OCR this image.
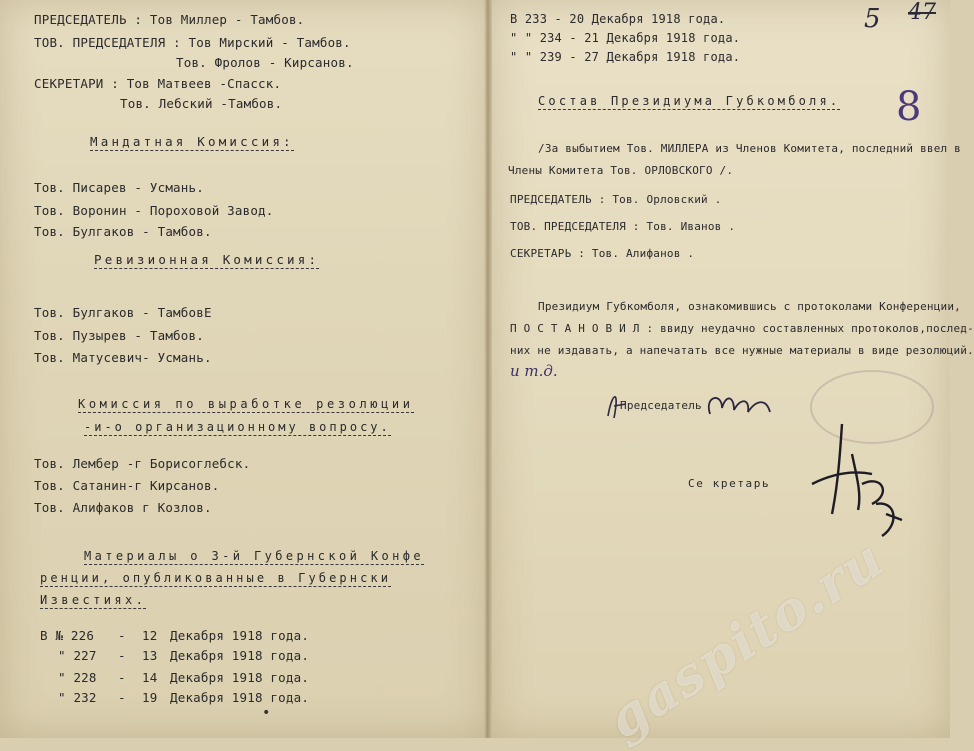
ПРЕДСЕДАТЕЛЬ : Тов Миллер - Тамбов.
ТОВ. ПРЕДСЕДАТЕЛЯ : Тов Мирский - Тамбов.
Тов. Фролов - Кирсанов.
СЕКРЕТАРИ : Тов Матвеев -Спасск.
Тов. Лебский -Тамбов.
Мандатная Комиссия:
Тов. Писарев - Усмань.
Тов. Воронин - Пороховой Завод.
Тов. Булгаков - Тамбов.
Ревизионная Комиссия:
Тов. Булгаков - ТамбовЕ
Тов. Пузырев - Тамбов.
Тов. Матусевич- Усмань.
Комиссия по выработке резолюции
-и-о организационному вопросу.
Тов. Лембер -г Борисоглебск.
Тов. Сатанин-г Кирсанов.
Тов. Алифаков г Козлов.
Материалы о 3-й Губернской Конфе
ренции, опубликованные в Губернски
Известиях.
В № 226 - 12 Декабря 1918 года.
" 227 - 13 Декабря 1918 года.
" 228 - 14 Декабря 1918 года.
" 232 - 19 Декабря 1918 года.
В 233 - 20 Декабря 1918 года.
" " 234 - 21 Декабря 1918 года.
" " 239 - 27 Декабря 1918 года.
5 47
Состав Президиума Губкомболя. 8
/За выбытием Тов. МИЛЛЕРА из Членов Комитета, последний ввел в
Члены Комитета Тов. ОРЛОВСКОГО /.
ПРЕДСЕДАТЕЛЬ : Тов. Орловский .
ТОВ. ПРЕДСЕДАТЕЛЯ : Тов. Иванов .
СЕКРЕТАРЬ : Тов. Алифанов .
Президиум Губкомболя, ознакомившись с протоколами Конференции,
П О С Т А Н О В И Л : ввиду неудачно составленных протоколов,послед-
них не издавать, а напечатать все нужные материалы в виде резолюций.
и т.д.
Председатель
Се кретарь
•	gaspito.ru
